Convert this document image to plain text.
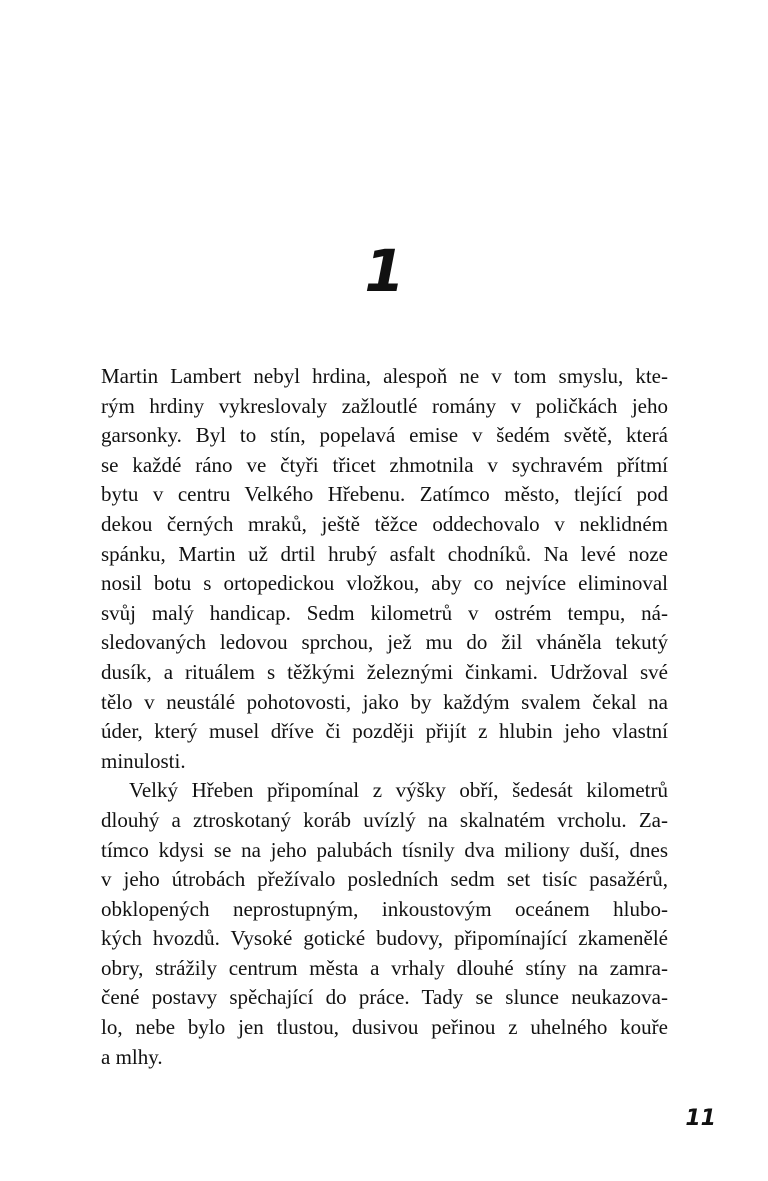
1
Martin Lambert nebyl hrdina, alespoň ne v tom smyslu, kte-
rým hrdiny vykreslovaly zažloutlé romány v poličkách jeho
garsonky. Byl to stín, popelavá emise v šedém světě, která
se každé ráno ve čtyři třicet zhmotnila v sychravém přítmí
bytu v centru Velkého Hřebenu. Zatímco město, tlející pod
dekou černých mraků, ještě těžce oddechovalo v neklidném
spánku, Martin už drtil hrubý asfalt chodníků. Na levé noze
nosil botu s ortopedickou vložkou, aby co nejvíce eliminoval
svůj malý handicap. Sedm kilometrů v ostrém tempu, ná-
sledovaných ledovou sprchou, jež mu do žil vháněla tekutý
dusík, a rituálem s těžkými železnými činkami. Udržoval své
tělo v neustálé pohotovosti, jako by každým svalem čekal na
úder, který musel dříve či později přijít z hlubin jeho vlastní
minulosti.
Velký Hřeben připomínal z výšky obří, šedesát kilometrů
dlouhý a ztroskotaný koráb uvízlý na skalnatém vrcholu. Za-
tímco kdysi se na jeho palubách tísnily dva miliony duší, dnes
v jeho útrobách přežívalo posledních sedm set tisíc pasažérů,
obklopených neprostupným, inkoustovým oceánem hlubo-
kých hvozdů. Vysoké gotické budovy, připomínající zkamenělé
obry, strážily centrum města a vrhaly dlouhé stíny na zamra-
čené postavy spěchající do práce. Tady se slunce neukazova-
lo, nebe bylo jen tlustou, dusivou peřinou z uhelného kouře
a mlhy.
11
